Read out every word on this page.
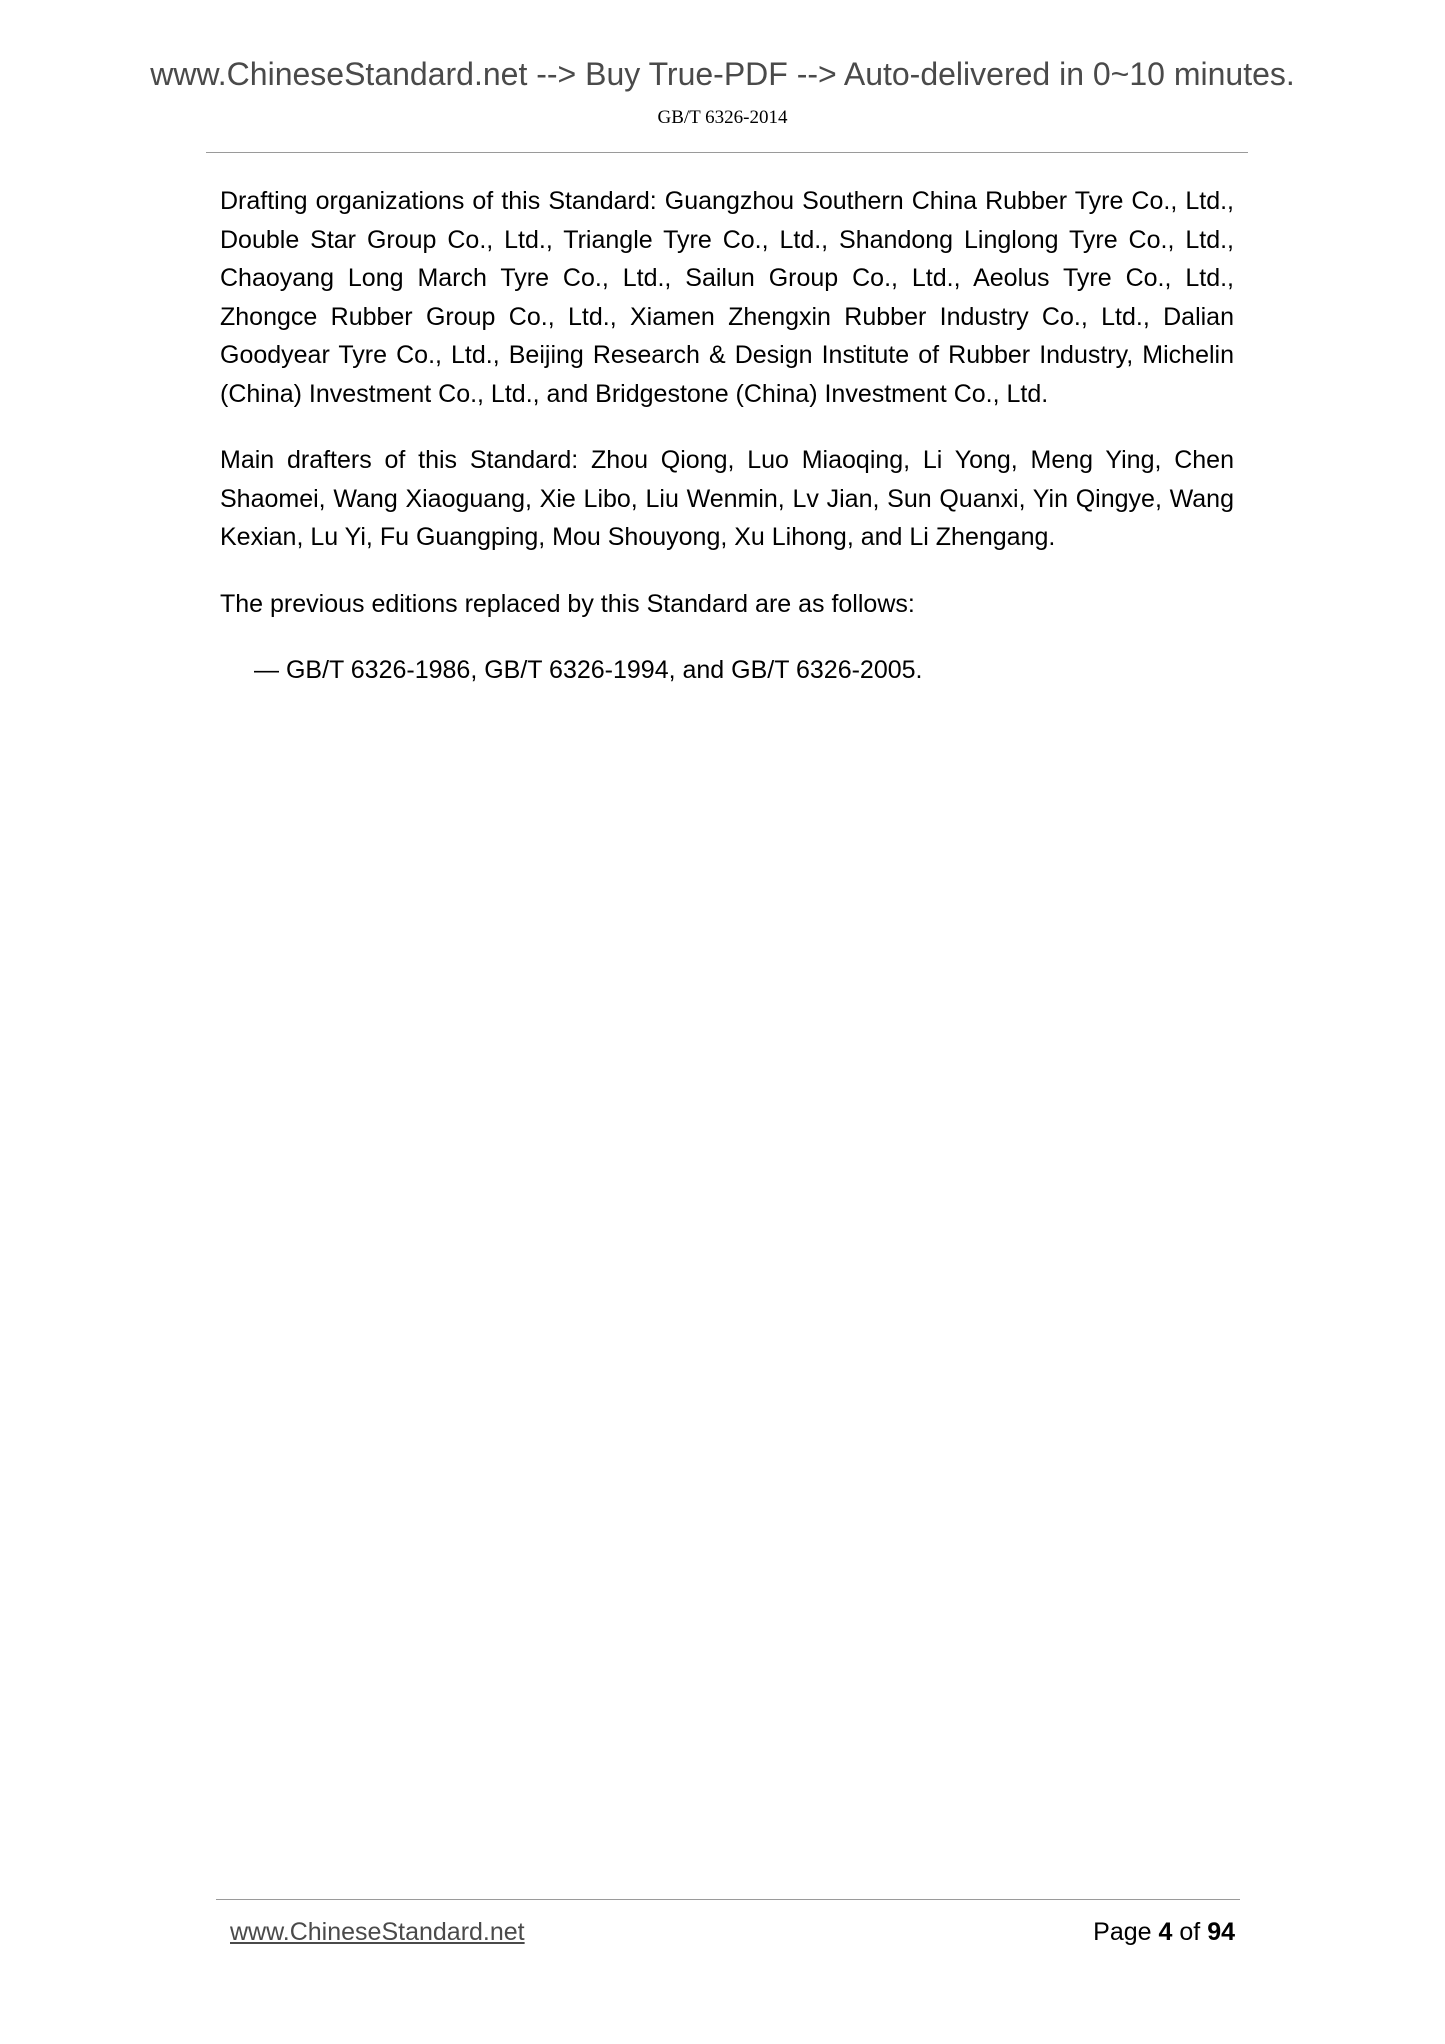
www.ChineseStandard.net --> Buy True-PDF --> Auto-delivered in 0~10 minutes.
GB/T 6326-2014

Drafting organizations of this Standard: Guangzhou Southern China Rubber Tyre Co., Ltd., Double Star Group Co., Ltd., Triangle Tyre Co., Ltd., Shandong Linglong Tyre Co., Ltd., Chaoyang Long March Tyre Co., Ltd., Sailun Group Co., Ltd., Aeolus Tyre Co., Ltd., Zhongce Rubber Group Co., Ltd., Xiamen Zhengxin Rubber Industry Co., Ltd., Dalian Goodyear Tyre Co., Ltd., Beijing Research & Design Institute of Rubber Industry, Michelin (China) Investment Co., Ltd., and Bridgestone (China) Investment Co., Ltd.

Main drafters of this Standard: Zhou Qiong, Luo Miaoqing, Li Yong, Meng Ying, Chen Shaomei, Wang Xiaoguang, Xie Libo, Liu Wenmin, Lv Jian, Sun Quanxi, Yin Qingye, Wang Kexian, Lu Yi, Fu Guangping, Mou Shouyong, Xu Lihong, and Li Zhengang.

The previous editions replaced by this Standard are as follows:

— GB/T 6326-1986, GB/T 6326-1994, and GB/T 6326-2005.

www.ChineseStandard.net	Page 4 of 94
